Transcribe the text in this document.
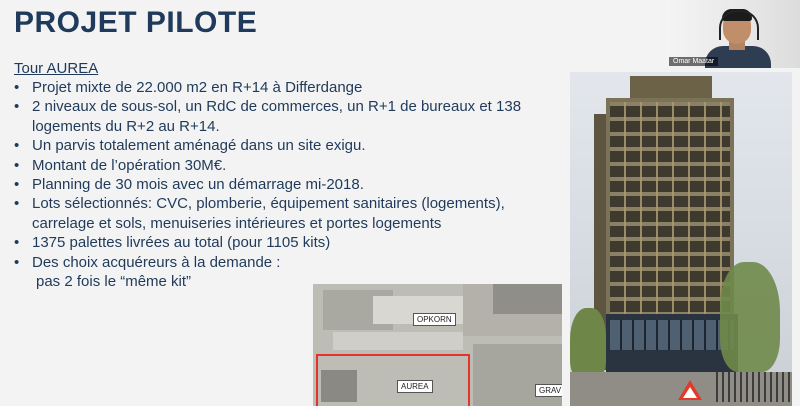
PROJET PILOTE
Tour AUREA
• Projet mixte de 22.000 m2 en R+14 à Differdange
• 2 niveaux de sous-sol, un RdC de commerces, un R+1 de bureaux et 138 logements du R+2 au R+14.
• Un parvis totalement aménagé dans un site exigu.
• Montant de l’opération 30M€.
• Planning de 30 mois avec un démarrage mi-2018.
• Lots sélectionnés: CVC, plomberie, équipement sanitaires (logements), carrelage et sols, menuiseries intérieures et portes logements
• 1375 palettes livrées au total (pour 1105 kits)
• Des choix acquéreurs à la demande :
pas 2 fois le “même kit”
Omar Maatar
OPKORN
AUREA	GRAV
